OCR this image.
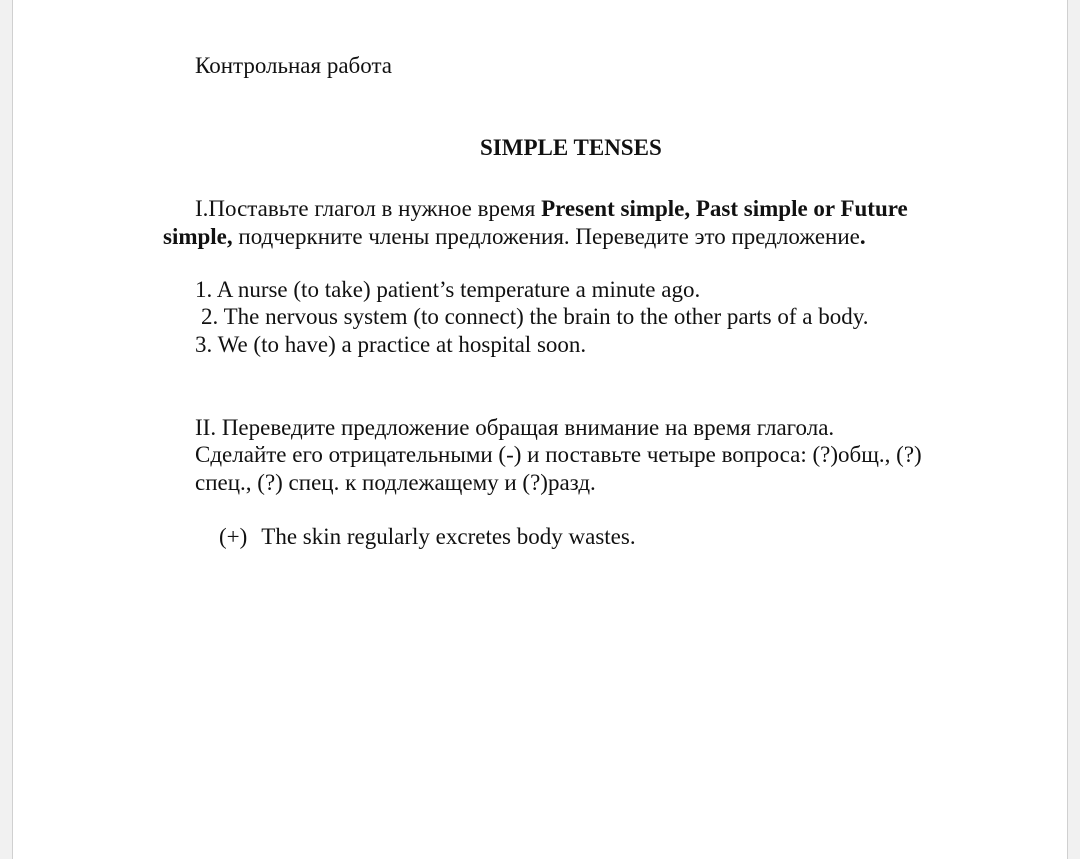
Контрольная работа
SIMPLE TENSES
I.Поставьте глагол в нужное время Present simple, Past simple or Future
simple, подчеркните члены предложения. Переведите это предложение.
1. A nurse (to take) patient’s temperature a minute ago.
2. The nervous system (to connect) the brain to the other parts of a body.
3. We (to have) a practice at hospital soon.
II. Переведите предложение обращая внимание на время глагола.
Сделайте его отрицательными (-) и поставьте четыре вопроса: (?)общ., (?)
спец., (?) спец. к подлежащему и (?)разд.
(+) The skin regularly excretes body wastes.
